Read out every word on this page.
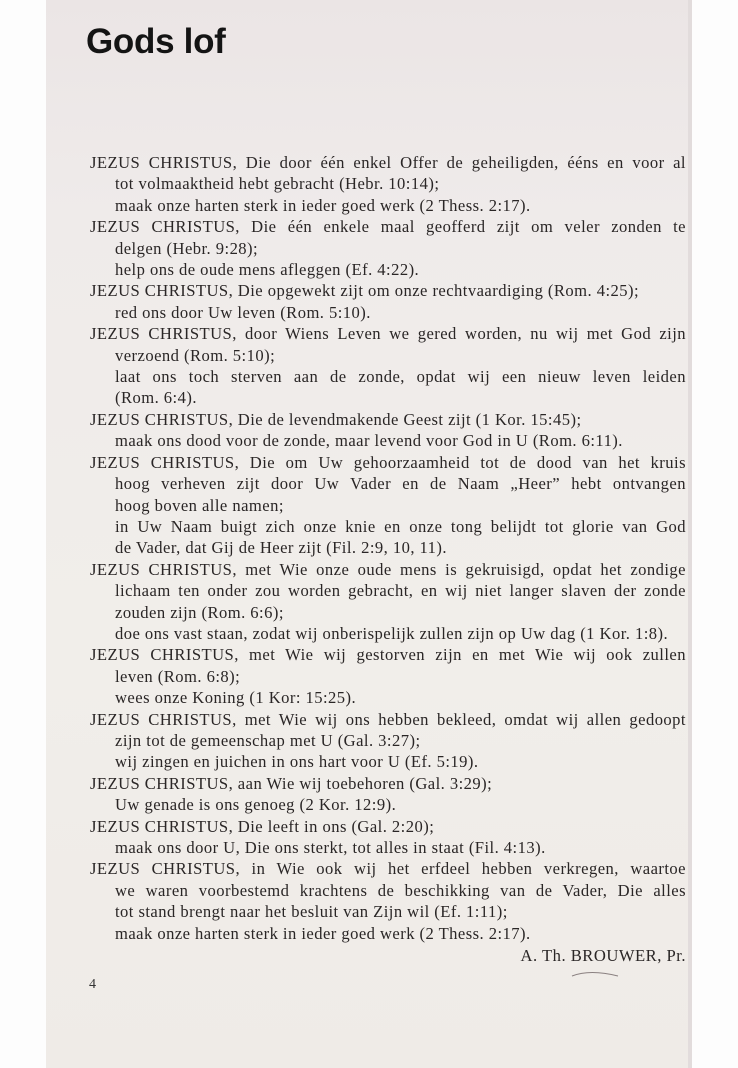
Gods lof
JEZUS CHRISTUS, Die door één enkel Offer de geheiligden, ééns en voor al
tot volmaaktheid hebt gebracht (Hebr. 10:14);
maak onze harten sterk in ieder goed werk (2 Thess. 2:17).
JEZUS CHRISTUS, Die één enkele maal geofferd zijt om veler zonden te
delgen (Hebr. 9:28);
help ons de oude mens afleggen (Ef. 4:22).
JEZUS CHRISTUS, Die opgewekt zijt om onze rechtvaardiging (Rom. 4:25);
red ons door Uw leven (Rom. 5:10).
JEZUS CHRISTUS, door Wiens Leven we gered worden, nu wij met God zijn
verzoend (Rom. 5:10);
laat ons toch sterven aan de zonde, opdat wij een nieuw leven leiden
(Rom. 6:4).
JEZUS CHRISTUS, Die de levendmakende Geest zijt (1 Kor. 15:45);
maak ons dood voor de zonde, maar levend voor God in U (Rom. 6:11).
JEZUS CHRISTUS, Die om Uw gehoorzaamheid tot de dood van het kruis
hoog verheven zijt door Uw Vader en de Naam „Heer” hebt ontvangen
hoog boven alle namen;
in Uw Naam buigt zich onze knie en onze tong belijdt tot glorie van God
de Vader, dat Gij de Heer zijt (Fil. 2:9, 10, 11).
JEZUS CHRISTUS, met Wie onze oude mens is gekruisigd, opdat het zondige
lichaam ten onder zou worden gebracht, en wij niet langer slaven der zonde
zouden zijn (Rom. 6:6);
doe ons vast staan, zodat wij onberispelijk zullen zijn op Uw dag (1 Kor. 1:8).
JEZUS CHRISTUS, met Wie wij gestorven zijn en met Wie wij ook zullen
leven (Rom. 6:8);
wees onze Koning (1 Kor: 15:25).
JEZUS CHRISTUS, met Wie wij ons hebben bekleed, omdat wij allen gedoopt
zijn tot de gemeenschap met U (Gal. 3:27);
wij zingen en juichen in ons hart voor U (Ef. 5:19).
JEZUS CHRISTUS, aan Wie wij toebehoren (Gal. 3:29);
Uw genade is ons genoeg (2 Kor. 12:9).
JEZUS CHRISTUS, Die leeft in ons (Gal. 2:20);
maak ons door U, Die ons sterkt, tot alles in staat (Fil. 4:13).
JEZUS CHRISTUS, in Wie ook wij het erfdeel hebben verkregen, waartoe
we waren voorbestemd krachtens de beschikking van de Vader, Die alles
tot stand brengt naar het besluit van Zijn wil (Ef. 1:11);
maak onze harten sterk in ieder goed werk (2 Thess. 2:17).
A. Th. BROUWER, Pr.
4
